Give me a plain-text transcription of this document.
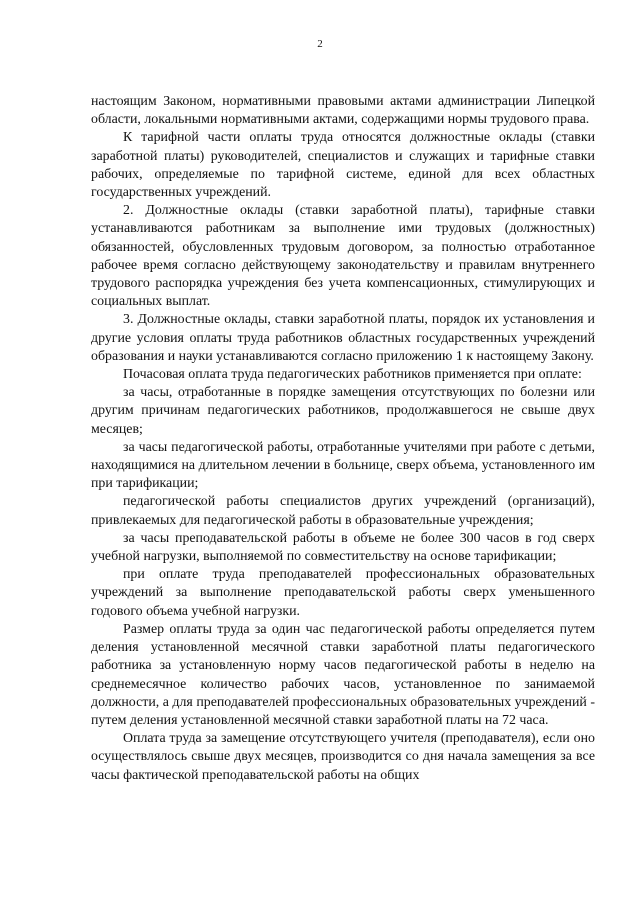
2

настоящим Законом, нормативными правовыми актами администрации Липецкой области, локальными нормативными актами, содержащими нормы трудового права.

К тарифной части оплаты труда относятся должностные оклады (ставки заработной платы) руководителей, специалистов и служащих и тарифные ставки рабочих, определяемые по тарифной системе, единой для всех областных государственных учреждений.

2. Должностные оклады (ставки заработной платы), тарифные ставки устанавливаются работникам за выполнение ими трудовых (должностных) обязанностей, обусловленных трудовым договором, за полностью отработанное рабочее время согласно действующему законодательству и правилам внутреннего трудового распорядка учреждения без учета компенсационных, стимулирующих и социальных выплат.

3. Должностные оклады, ставки заработной платы, порядок их установления и другие условия оплаты труда работников областных государственных учреждений образования и науки устанавливаются согласно приложению 1 к настоящему Закону.

Почасовая оплата труда педагогических работников применяется при оплате:

за часы, отработанные в порядке замещения отсутствующих по болезни или другим причинам педагогических работников, продолжавшегося не свыше двух месяцев;

за часы педагогической работы, отработанные учителями при работе с детьми, находящимися на длительном лечении в больнице, сверх объема, установленного им при тарификации;

педагогической работы специалистов других учреждений (организаций), привлекаемых для педагогической работы в образовательные учреждения;

за часы преподавательской работы в объеме не более 300 часов в год сверх учебной нагрузки, выполняемой по совместительству на основе тарификации;

при оплате труда преподавателей профессиональных образовательных учреждений за выполнение преподавательской работы сверх уменьшенного годового объема учебной нагрузки.

Размер оплаты труда за один час педагогической работы определяется путем деления установленной месячной ставки заработной платы педагогического работника за установленную норму часов педагогической работы в неделю на среднемесячное количество рабочих часов, установленное по занимаемой должности, а для преподавателей профессиональных образовательных учреждений - путем деления установленной месячной ставки заработной платы на 72 часа.

Оплата труда за замещение отсутствующего учителя (преподавателя), если оно осуществлялось свыше двух месяцев, производится со дня начала замещения за все часы фактической преподавательской работы на общих
